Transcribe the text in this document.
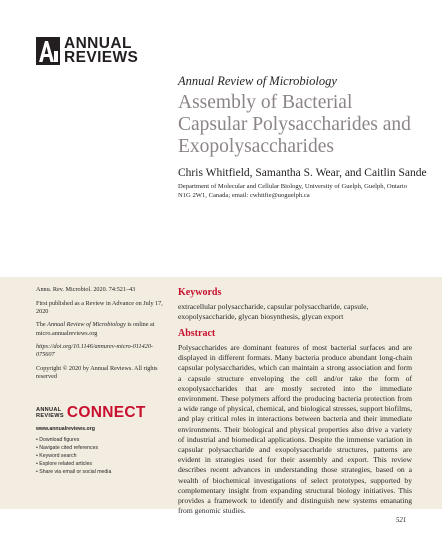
ANNUAL
REVIEWS
Annual Review of Microbiology
Assembly of Bacterial Capsular Polysaccharides and Exopolysaccharides
Chris Whitfield, Samantha S. Wear, and Caitlin Sande
Department of Molecular and Cellular Biology, University of Guelph, Guelph, Ontario N1G 2W1, Canada; email: cwhitfie@uoguelph.ca

Annu. Rev. Microbiol. 2020. 74:521–43

First published as a Review in Advance on July 17, 2020

The Annual Review of Microbiology is online at micro.annualreviews.org

https://doi.org/10.1146/annurev-micro-011420-075607

Copyright © 2020 by Annual Reviews. All rights reserved

ANNUAL
REVIEWS CONNECT
www.annualreviews.org
• Download figures
• Navigate cited references
• Keyword search
• Explore related articles
• Share via email or social media
Keywords
extracellular polysaccharide, capsular polysaccharide, capsule, exopolysaccharide, glycan biosynthesis, glycan export
Abstract
Polysaccharides are dominant features of most bacterial surfaces and are displayed in different formats. Many bacteria produce abundant long-chain capsular polysaccharides, which can maintain a strong association and form a capsule structure enveloping the cell and/or take the form of exopolysaccharides that are mostly secreted into the immediate environment. These polymers afford the producing bacteria protection from a wide range of physical, chemical, and biological stresses, support biofilms, and play critical roles in interactions between bacteria and their immediate environments. Their biological and physical properties also drive a variety of industrial and biomedical applications. Despite the immense variation in capsular polysaccharide and exopolysaccharide structures, patterns are evident in strategies used for their assembly and export. This review describes recent advances in understanding those strategies, based on a wealth of biochemical investigations of select prototypes, supported by complementary insight from expanding structural biology initiatives. This provides a framework to identify and distinguish new systems emanating from genomic studies.
521
